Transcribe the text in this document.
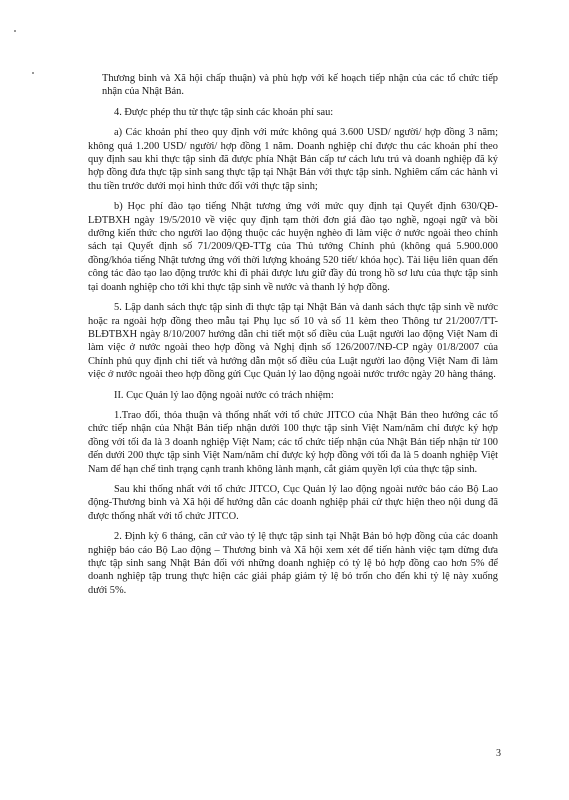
Thương binh và Xã hội chấp thuận) và phù hợp với kế hoạch tiếp nhận của các tổ chức tiếp nhận của Nhật Bản.

4. Được phép thu từ thực tập sinh các khoản phí sau:

a) Các khoản phí theo quy định với mức không quá 3.600 USD/ người/ hợp đồng 3 năm; không quá 1.200 USD/ người/ hợp đồng 1 năm. Doanh nghiệp chỉ được thu các khoản phí theo quy định sau khi thực tập sinh đã được phía Nhật Bản cấp tư cách lưu trú và doanh nghiệp đã ký hợp đồng đưa thực tập sinh sang thực tập tại Nhật Bản với thực tập sinh. Nghiêm cấm các hành vi thu tiền trước dưới mọi hình thức đối với thực tập sinh;

b) Học phí đào tạo tiếng Nhật tương ứng với mức quy định tại Quyết định 630/QĐ-LĐTBXH ngày 19/5/2010 về việc quy định tạm thời đơn giá đào tạo nghề, ngoại ngữ và bồi dưỡng kiến thức cho người lao động thuộc các huyện nghèo đi làm việc ở nước ngoài theo chính sách tại Quyết định số 71/2009/QĐ-TTg của Thủ tướng Chính phủ (không quá 5.900.000 đồng/khóa tiếng Nhật tương ứng với thời lượng khoảng 520 tiết/ khóa học). Tài liệu liên quan đến công tác đào tạo lao động trước khi đi phải được lưu giữ đầy đủ trong hồ sơ lưu của thực tập sinh tại doanh nghiệp cho tới khi thực tập sinh về nước và thanh lý hợp đồng.

5. Lập danh sách thực tập sinh đi thực tập tại Nhật Bản và danh sách thực tập sinh về nước hoặc ra ngoài hợp đồng theo mẫu tại Phụ lục số 10 và số 11 kèm theo Thông tư 21/2007/TT-BLĐTBXH ngày 8/10/2007 hướng dẫn chi tiết một số điều của Luật người lao động Việt Nam đi làm việc ở nước ngoài theo hợp đồng và Nghị định số 126/2007/NĐ-CP ngày 01/8/2007 của Chính phủ quy định chi tiết và hướng dẫn một số điều của Luật người lao động Việt Nam đi làm việc ở nước ngoài theo hợp đồng gửi Cục Quản lý lao động ngoài nước trước ngày 20 hàng tháng.

II. Cục Quản lý lao động ngoài nước có trách nhiệm:

1.Trao đổi, thỏa thuận và thống nhất với tổ chức JITCO của Nhật Bản theo hướng các tổ chức tiếp nhận của Nhật Bản tiếp nhận dưới 100 thực tập sinh Việt Nam/năm chỉ được ký hợp đồng với tối đa là 3 doanh nghiệp Việt Nam; các tổ chức tiếp nhận của Nhật Bản tiếp nhận từ 100 đến dưới 200 thực tập sinh Việt Nam/năm chỉ được ký hợp đồng với tối đa là 5 doanh nghiệp Việt Nam để hạn chế tình trạng cạnh tranh không lành mạnh, cắt giảm quyền lợi của thực tập sinh.

Sau khi thống nhất với tổ chức JITCO, Cục Quản lý lao động ngoài nước báo cáo Bộ Lao động-Thương binh và Xã hội để hướng dẫn các doanh nghiệp phải cử thực hiện theo nội dung đã được thống nhất với tổ chức JITCO.

2. Định kỳ 6 tháng, căn cứ vào tỷ lệ thực tập sinh tại Nhật Bản bỏ hợp đồng của các doanh nghiệp báo cáo Bộ Lao động – Thương binh và Xã hội xem xét để tiến hành việc tạm dừng đưa thực tập sinh sang Nhật Bản đối với những doanh nghiệp có tỷ lệ bỏ hợp đồng cao hơn 5% để doanh nghiệp tập trung thực hiện các giải pháp giảm tỷ lệ bỏ trốn cho đến khi tỷ lệ này xuống dưới 5%.

3
